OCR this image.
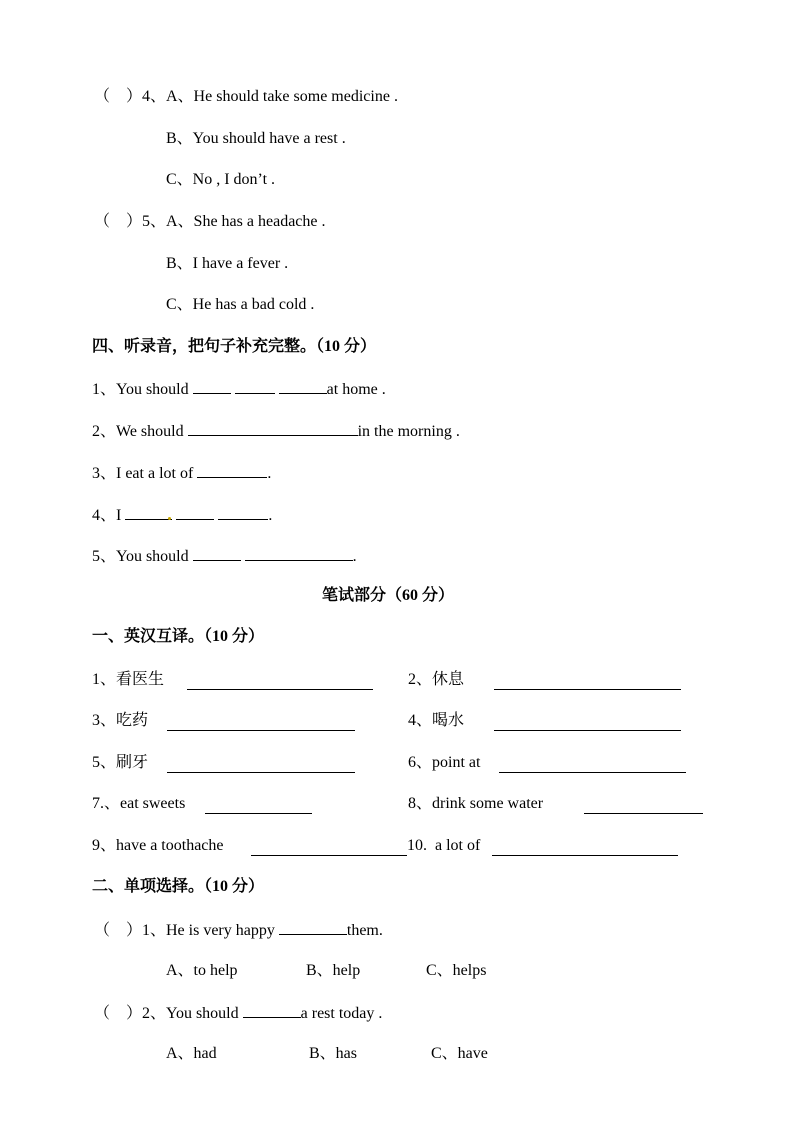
（　）4、A、He should take some medicine .
B、You should have a rest .
C、No , I don’t .
（　）5、A、She has a headache .
B、I have a fever .
C、He has a bad cold .
四、听录音，把句子补充完整。（10 分）
1、You should	at home .
2、We should	in the morning .
3、I eat a lot of	.
4、I	.
5、You should	.
笔试部分（60 分）
一、英汉互译。（10 分）
1、看医生	2、休息
3、吃药	4、喝水
5、刷牙	6、point at
7.、eat sweets	8、drink some water
9、have a toothache	10.  a lot of
二、单项选择。（10 分）
（　）1、He is very happy	them.
A、to help	B、help	C、helps
（　）2、You should	a rest today .
A、had	B、has	C、have
